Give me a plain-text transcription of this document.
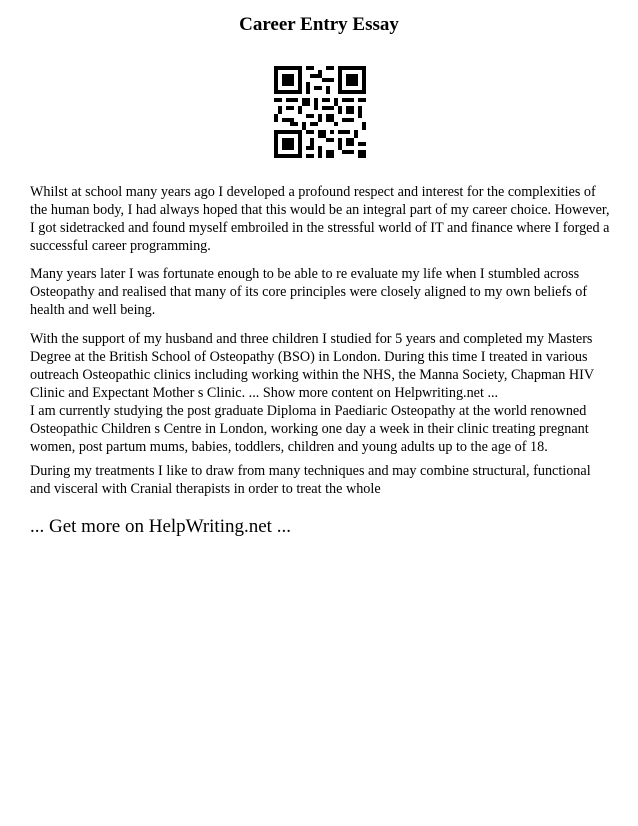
Career Entry Essay

Whilst at school many years ago I developed a profound respect and interest for the complexities of the human body, I had always hoped that this would be an integral part of my career choice. However, I got sidetracked and found myself embroiled in the stressful world of IT and finance where I forged a successful career programming.

Many years later I was fortunate enough to be able to re evaluate my life when I stumbled across Osteopathy and realised that many of its core principles were closely aligned to my own beliefs of health and well being.

With the support of my husband and three children I studied for 5 years and completed my Masters Degree at the British School of Osteopathy (BSO) in London. During this time I treated in various outreach Osteopathic clinics including working within the NHS, the Manna Society, Chapman HIV Clinic and Expectant Mother s Clinic. ... Show more content on Helpwriting.net ...

I am currently studying the post graduate Diploma in Paediaric Osteopathy at the world renowned Osteopathic Children s Centre in London, working one day a week in their clinic treating pregnant women, post partum mums, babies, toddlers, children and young adults up to the age of 18.

During my treatments I like to draw from many techniques and may combine structural, functional and visceral with Cranial therapists in order to treat the whole

... Get more on HelpWriting.net ...
